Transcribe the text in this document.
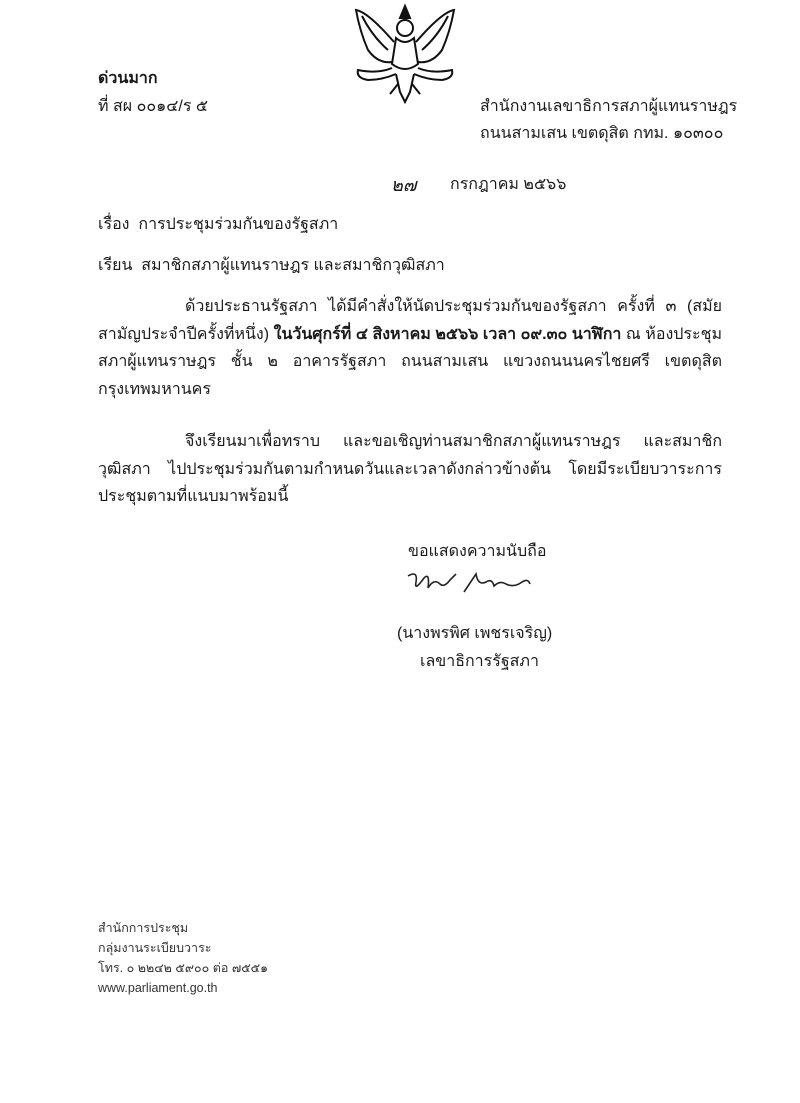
ด่วนมาก
ที่ สผ ๐๐๑๔/ร ๕	สำนักงานเลขาธิการสภาผู้แทนราษฎร
ถนนสามเสน เขตดุสิต กทม. ๑๐๓๐๐
๒๗ กรกฎาคม ๒๕๖๖
เรื่อง การประชุมร่วมกันของรัฐสภา
เรียน สมาชิกสภาผู้แทนราษฎร และสมาชิกวุฒิสภา
ด้วยประธานรัฐสภา ได้มีคำสั่งให้นัดประชุมร่วมกันของรัฐสภา ครั้งที่ ๓ (สมัยสามัญประจำปีครั้งที่หนึ่ง) ในวันศุกร์ที่ ๔ สิงหาคม ๒๕๖๖ เวลา ๐๙.๓๐ นาฬิกา ณ ห้องประชุมสภาผู้แทนราษฎร ชั้น ๒ อาคารรัฐสภา ถนนสามเสน แขวงถนนนครไชยศรี เขตดุสิต กรุงเทพมหานคร
จึงเรียนมาเพื่อทราบ และขอเชิญท่านสมาชิกสภาผู้แทนราษฎร และสมาชิกวุฒิสภา ไปประชุมร่วมกันตามกำหนดวันและเวลาดังกล่าวข้างต้น โดยมีระเบียบวาระการประชุมตามที่แนบมาพร้อมนี้
ขอแสดงความนับถือ
(นางพรพิศ เพชรเจริญ)
เลขาธิการรัฐสภา
สำนักการประชุม
กลุ่มงานระเบียบวาระ
โทร. ๐ ๒๒๔๒ ๕๙๐๐ ต่อ ๗๕๕๑
www.parliament.go.th
